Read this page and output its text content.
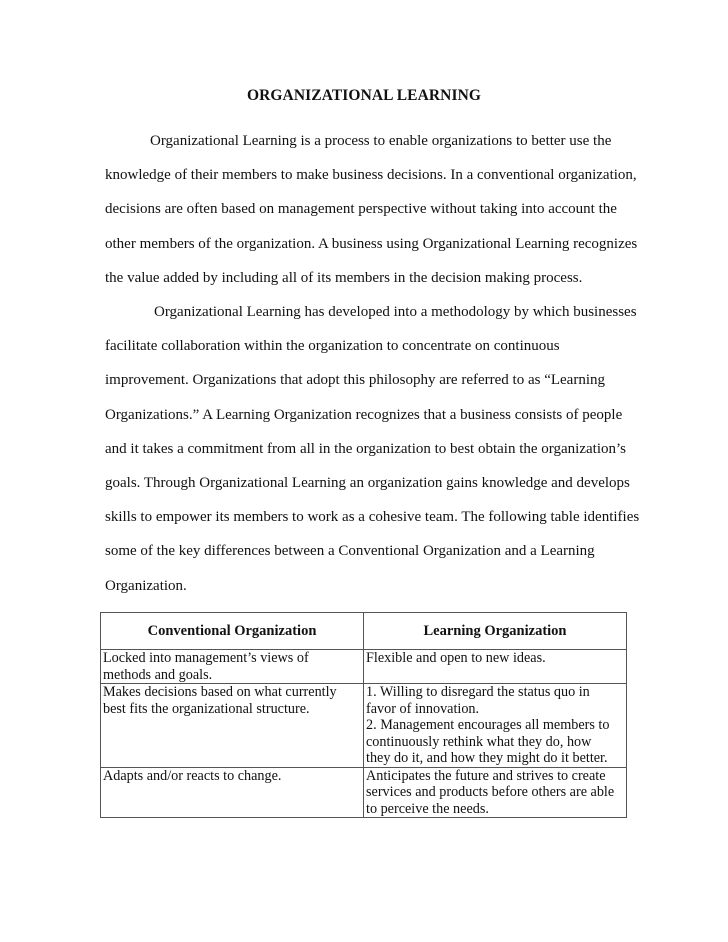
ORGANIZATIONAL LEARNING

Organizational Learning is a process to enable organizations to better use the
knowledge of their members to make business decisions. In a conventional organization,
decisions are often based on management perspective without taking into account the
other members of the organization. A business using Organizational Learning recognizes
the value added by including all of its members in the decision making process.

Organizational Learning has developed into a methodology by which businesses
facilitate collaboration within the organization to concentrate on continuous
improvement. Organizations that adopt this philosophy are referred to as “Learning
Organizations.” A Learning Organization recognizes that a business consists of people
and it takes a commitment from all in the organization to best obtain the organization’s
goals. Through Organizational Learning an organization gains knowledge and develops
skills to empower its members to work as a cohesive team. The following table identifies
some of the key differences between a Conventional Organization and a Learning
Organization.

Conventional Organization	Learning Organization

Locked into management’s views of
methods and goals.	Flexible and open to new ideas.

Makes decisions based on what currently
best fits the organizational structure.	1. Willing to disregard the status quo in
favor of innovation.
2. Management encourages all members to
continuously rethink what they do, how
they do it, and how they might do it better.

Adapts and/or reacts to change.	Anticipates the future and strives to create
services and products before others are able
to perceive the needs.
